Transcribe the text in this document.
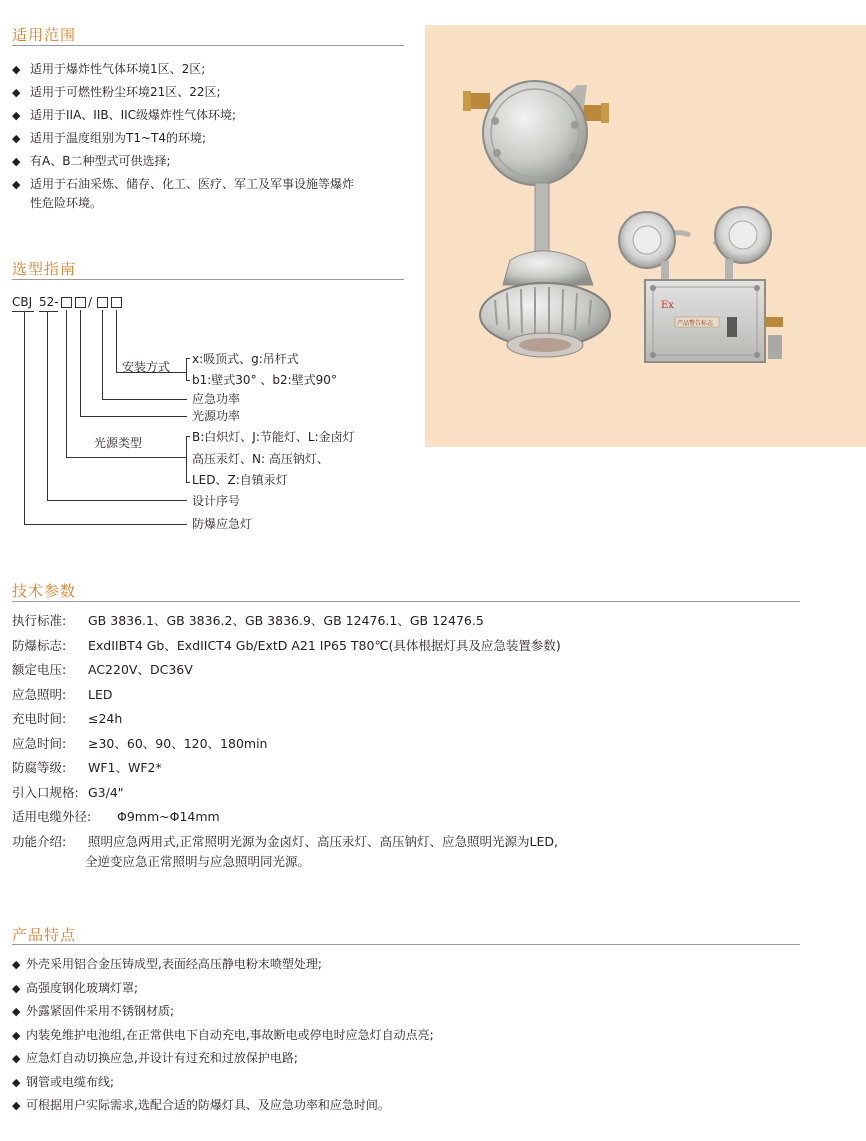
适用范围
◆ 适用于爆炸性气体环境1区、2区;
◆ 适用于可燃性粉尘环境21区、22区;
◆ 适用于IIA、IIB、IIC级爆炸性气体环境;
◆ 适用于温度组别为T1~T4的环境;
◆ 有A、B二种型式可供选择;
◆ 适用于石油采炼、储存、化工、医疗、军工及军事设施等爆炸
性危险环境。
选型指南
CBJ 52- /
安装方式
x:吸顶式、g:吊杆式
b1:壁式30° 、b2:壁式90°
应急功率
光源功率
光源类型	B:白炽灯、J:节能灯、L:金卤灯
高压汞灯、N: 高压钠灯、
LED、Z:自镇汞灯
设计序号
防爆应急灯
Ex
产品警告标志
技术参数
执行标准: GB 3836.1、GB 3836.2、GB 3836.9、GB 12476.1、GB 12476.5
防爆标志: ExdIIBT4 Gb、ExdIICT4 Gb/ExtD A21 IP65 T80℃(具体根据灯具及应急装置参数)
额定电压: AC220V、DC36V
应急照明: LED
充电时间: ≤24h
应急时间: ≥30、60、90、120、180min
防腐等级: WF1、WF2*
引入口规格: G3/4"
适用电缆外径: Φ9mm~Φ14mm
功能介绍: 照明应急两用式,正常照明光源为金卤灯、高压汞灯、高压钠灯、应急照明光源为LED,
全逆变应急正常照明与应急照明同光源。
产品特点
◆ 外壳采用铝合金压铸成型,表面经高压静电粉末喷塑处理;
◆ 高强度钢化玻璃灯罩;
◆ 外露紧固件采用不锈钢材质;
◆ 内装免维护电池组,在正常供电下自动充电,事故断电或停电时应急灯自动点亮;
◆ 应急灯自动切换应急,并设计有过充和过放保护电路;
◆ 钢管或电缆布线;
◆ 可根据用户实际需求,选配合适的防爆灯具、及应急功率和应急时间。
